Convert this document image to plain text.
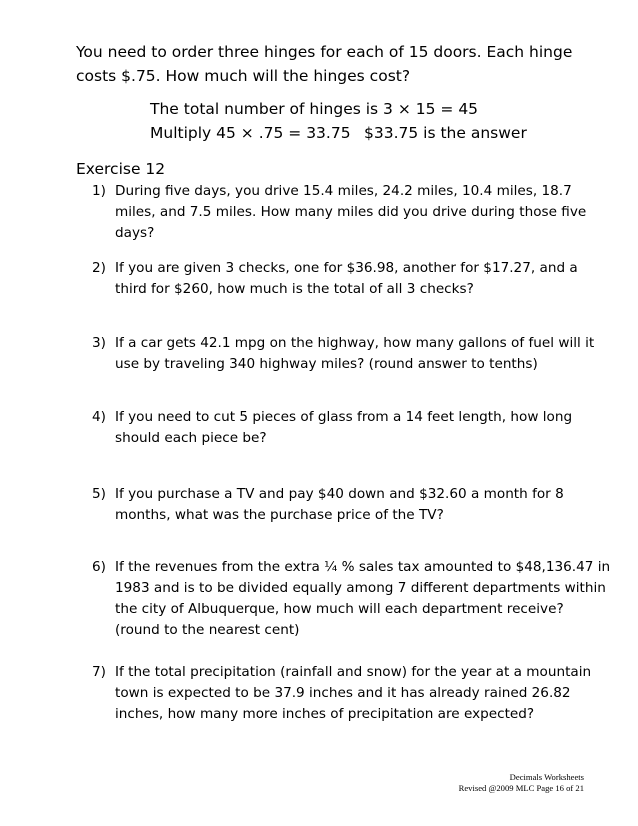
You need to order three hinges for each of 15 doors. Each hinge costs $.75. How much will the hinges cost?
The total number of hinges is 3 × 15 = 45
Multiply 45 × .75 = 33.75 $33.75 is the answer
Exercise 12
1) During five days, you drive 15.4 miles, 24.2 miles, 10.4 miles, 18.7 miles, and 7.5 miles. How many miles did you drive during those five days?
2) If you are given 3 checks, one for $36.98, another for $17.27, and a third for $260, how much is the total of all 3 checks?
3) If a car gets 42.1 mpg on the highway, how many gallons of fuel will it use by traveling 340 highway miles? (round answer to tenths)
4) If you need to cut 5 pieces of glass from a 14 feet length, how long should each piece be?
5) If you purchase a TV and pay $40 down and $32.60 a month for 8 months, what was the purchase price of the TV?
6) If the revenues from the extra ¼ % sales tax amounted to $48,136.47 in 1983 and is to be divided equally among 7 different departments within the city of Albuquerque, how much will each department receive? (round to the nearest cent)
7) If the total precipitation (rainfall and snow) for the year at a mountain town is expected to be 37.9 inches and it has already rained 26.82 inches, how many more inches of precipitation are expected?
Decimals Worksheets
Revised @2009 MLC Page 16 of 21
